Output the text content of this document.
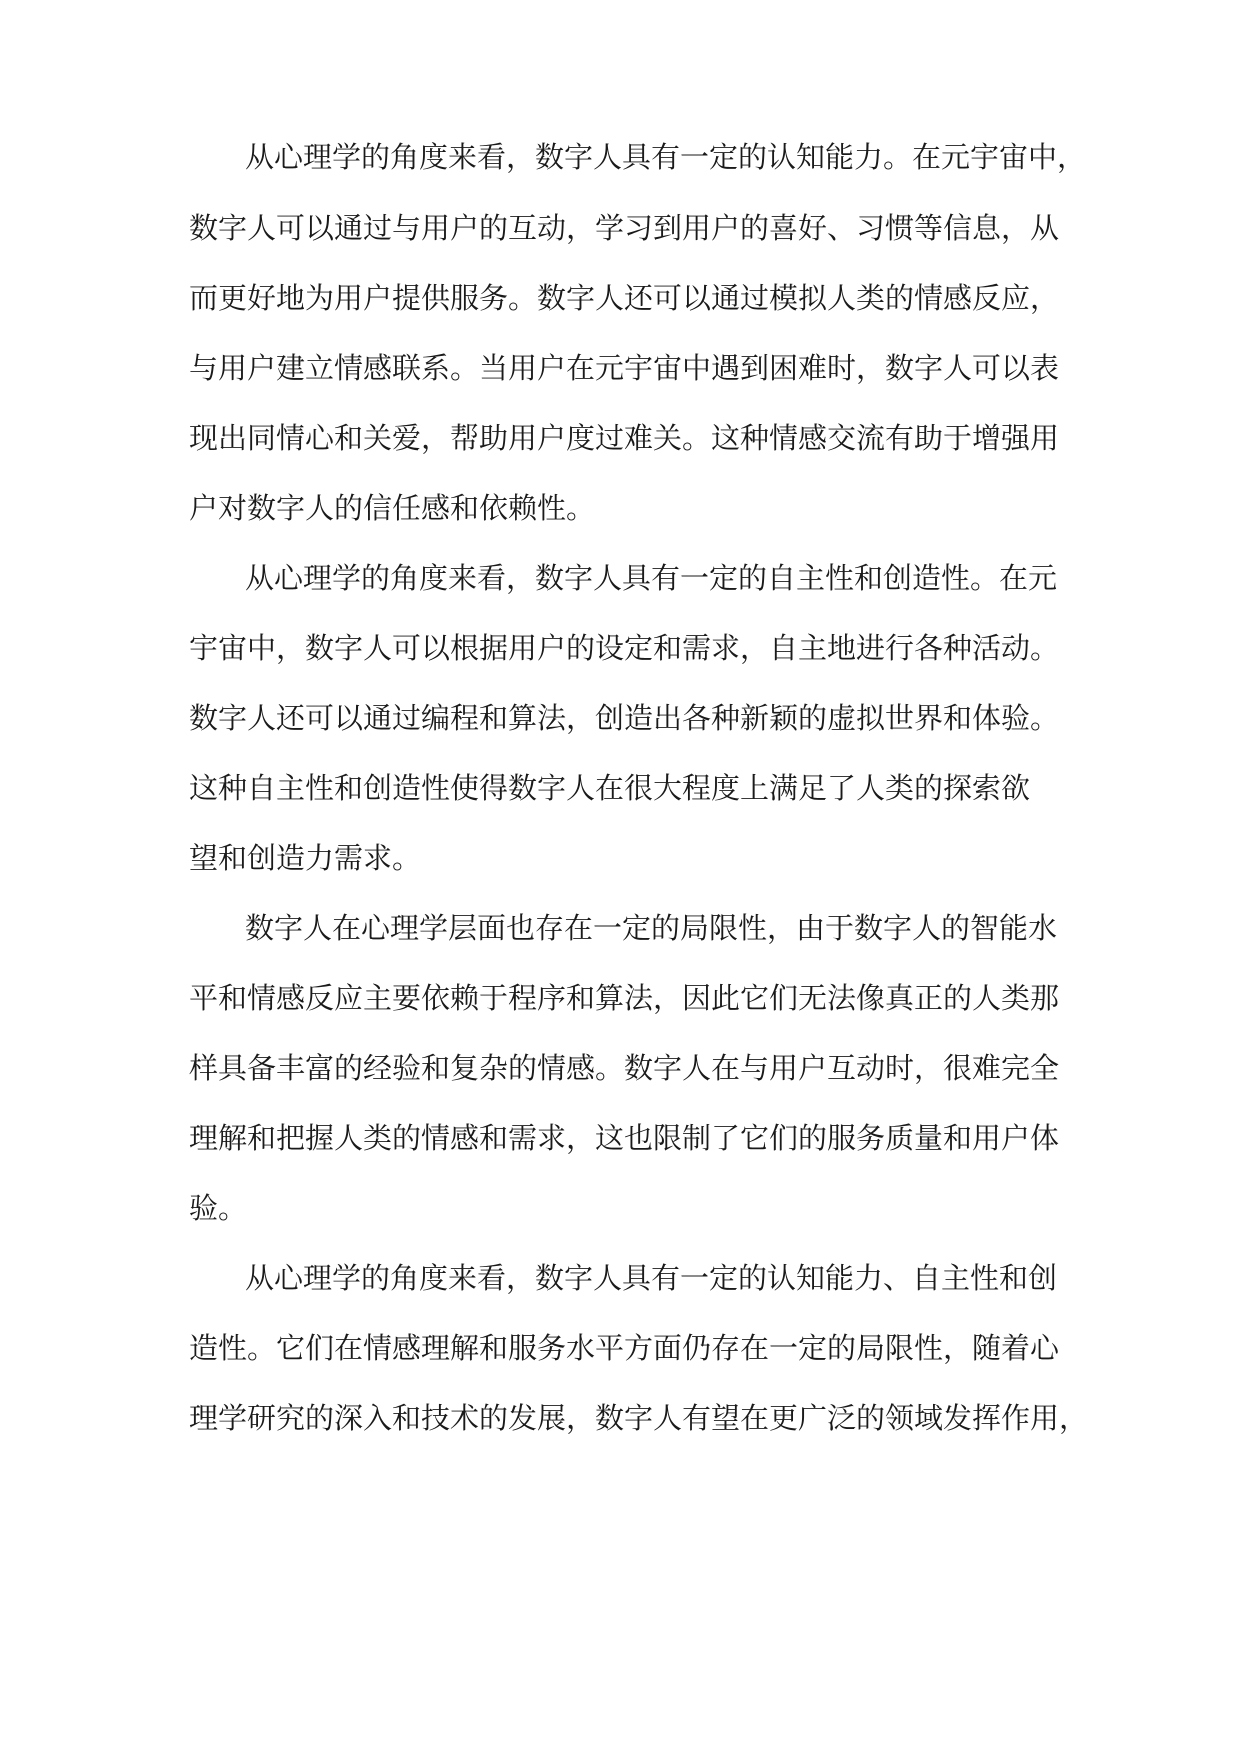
从心理学的角度来看，数字人具有一定的认知能力。在元宇宙中，

数字人可以通过与用户的互动，学习到用户的喜好、习惯等信息，从

而更好地为用户提供服务。数字人还可以通过模拟人类的情感反应，

与用户建立情感联系。当用户在元宇宙中遇到困难时，数字人可以表

现出同情心和关爱，帮助用户度过难关。这种情感交流有助于增强用

户对数字人的信任感和依赖性。

从心理学的角度来看，数字人具有一定的自主性和创造性。在元

宇宙中，数字人可以根据用户的设定和需求，自主地进行各种活动。

数字人还可以通过编程和算法，创造出各种新颖的虚拟世界和体验。

这种自主性和创造性使得数字人在很大程度上满足了人类的探索欲

望和创造力需求。

数字人在心理学层面也存在一定的局限性，由于数字人的智能水

平和情感反应主要依赖于程序和算法，因此它们无法像真正的人类那

样具备丰富的经验和复杂的情感。数字人在与用户互动时，很难完全

理解和把握人类的情感和需求，这也限制了它们的服务质量和用户体

验。

从心理学的角度来看，数字人具有一定的认知能力、自主性和创

造性。它们在情感理解和服务水平方面仍存在一定的局限性，随着心

理学研究的深入和技术的发展，数字人有望在更广泛的领域发挥作用，
